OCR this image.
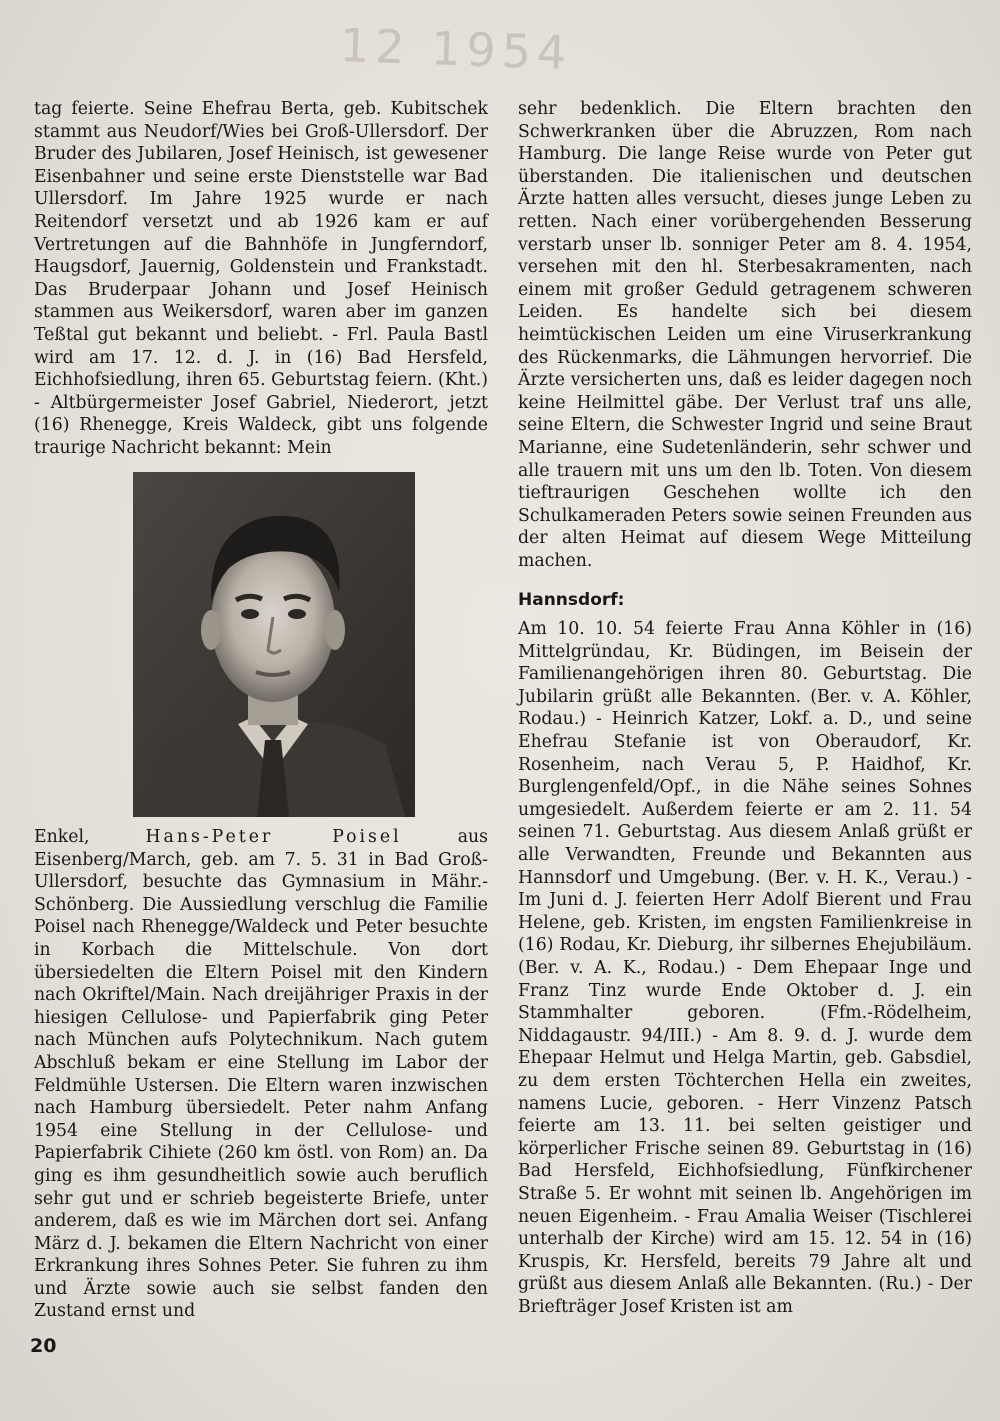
12 1954

tag feierte. Seine Ehefrau Berta, geb. Kubitschek stammt aus Neudorf/Wies bei Groß-Ullersdorf. Der Bruder des Jubilaren, Josef Heinisch, ist gewesener Eisenbahner und seine erste Dienststelle war Bad Ullersdorf. Im Jahre 1925 wurde er nach Reitendorf versetzt und ab 1926 kam er auf Vertretungen auf die Bahnhöfe in Jungferndorf, Haugsdorf, Jauernig, Goldenstein und Frankstadt. Das Bruderpaar Johann und Josef Heinisch stammen aus Weikersdorf, waren aber im ganzen Teßtal gut bekannt und beliebt. - Frl. Paula Bastl wird am 17. 12. d. J. in (16) Bad Hersfeld, Eichhofsiedlung, ihren 65. Geburtstag feiern. (Kht.) - Altbürgermeister Josef Gabriel, Niederort, jetzt (16) Rhenegge, Kreis Waldeck, gibt uns folgende traurige Nachricht bekannt: Mein

Enkel, Hans-Peter Poisel aus Eisenberg/March, geb. am 7. 5. 31 in Bad Groß-Ullersdorf, besuchte das Gymnasium in Mähr.-Schönberg. Die Aussiedlung verschlug die Familie Poisel nach Rhenegge/Waldeck und Peter besuchte in Korbach die Mittelschule. Von dort übersiedelten die Eltern Poisel mit den Kindern nach Okriftel/Main. Nach dreijähriger Praxis in der hiesigen Cellulose- und Papierfabrik ging Peter nach München aufs Polytechnikum. Nach gutem Abschluß bekam er eine Stellung im Labor der Feldmühle Ustersen. Die Eltern waren inzwischen nach Hamburg übersiedelt. Peter nahm Anfang 1954 eine Stellung in der Cellulose- und Papierfabrik Cihiete (260 km östl. von Rom) an. Da ging es ihm gesundheitlich sowie auch beruflich sehr gut und er schrieb begeisterte Briefe, unter anderem, daß es wie im Märchen dort sei. Anfang März d. J. bekamen die Eltern Nachricht von einer Erkrankung ihres Sohnes Peter. Sie fuhren zu ihm und Ärzte sowie auch sie selbst fanden den Zustand ernst und

sehr bedenklich. Die Eltern brachten den Schwerkranken über die Abruzzen, Rom nach Hamburg. Die lange Reise wurde von Peter gut überstanden. Die italienischen und deutschen Ärzte hatten alles versucht, dieses junge Leben zu retten. Nach einer vorübergehenden Besserung verstarb unser lb. sonniger Peter am 8. 4. 1954, versehen mit den hl. Sterbesakramenten, nach einem mit großer Geduld getragenem schweren Leiden. Es handelte sich bei diesem heimtückischen Leiden um eine Viruserkrankung des Rückenmarks, die Lähmungen hervorrief. Die Ärzte versicherten uns, daß es leider dagegen noch keine Heilmittel gäbe. Der Verlust traf uns alle, seine Eltern, die Schwester Ingrid und seine Braut Marianne, eine Sudetenländerin, sehr schwer und alle trauern mit uns um den lb. Toten. Von diesem tieftraurigen Geschehen wollte ich den Schulkameraden Peters sowie seinen Freunden aus der alten Heimat auf diesem Wege Mitteilung machen.

Hannsdorf:

Am 10. 10. 54 feierte Frau Anna Köhler in (16) Mittelgründau, Kr. Büdingen, im Beisein der Familienangehörigen ihren 80. Geburtstag. Die Jubilarin grüßt alle Bekannten. (Ber. v. A. Köhler, Rodau.) - Heinrich Katzer, Lokf. a. D., und seine Ehefrau Stefanie ist von Oberaudorf, Kr. Rosenheim, nach Verau 5, P. Haidhof, Kr. Burglengenfeld/Opf., in die Nähe seines Sohnes umgesiedelt. Außerdem feierte er am 2. 11. 54 seinen 71. Geburtstag. Aus diesem Anlaß grüßt er alle Verwandten, Freunde und Bekannten aus Hannsdorf und Umgebung. (Ber. v. H. K., Verau.) - Im Juni d. J. feierten Herr Adolf Bierent und Frau Helene, geb. Kristen, im engsten Familienkreise in (16) Rodau, Kr. Dieburg, ihr silbernes Ehejubiläum. (Ber. v. A. K., Rodau.) - Dem Ehepaar Inge und Franz Tinz wurde Ende Oktober d. J. ein Stammhalter geboren. (Ffm.-Rödelheim, Niddagaustr. 94/III.) - Am 8. 9. d. J. wurde dem Ehepaar Helmut und Helga Martin, geb. Gabsdiel, zu dem ersten Töchterchen Hella ein zweites, namens Lucie, geboren. - Herr Vinzenz Patsch feierte am 13. 11. bei selten geistiger und körperlicher Frische seinen 89. Geburtstag in (16) Bad Hersfeld, Eichhofsiedlung, Fünfkirchener Straße 5. Er wohnt mit seinen lb. Angehörigen im neuen Eigenheim. - Frau Amalia Weiser (Tischlerei unterhalb der Kirche) wird am 15. 12. 54 in (16) Kruspis, Kr. Hersfeld, bereits 79 Jahre alt und grüßt aus diesem Anlaß alle Bekannten. (Ru.) - Der Briefträger Josef Kristen ist am

20
